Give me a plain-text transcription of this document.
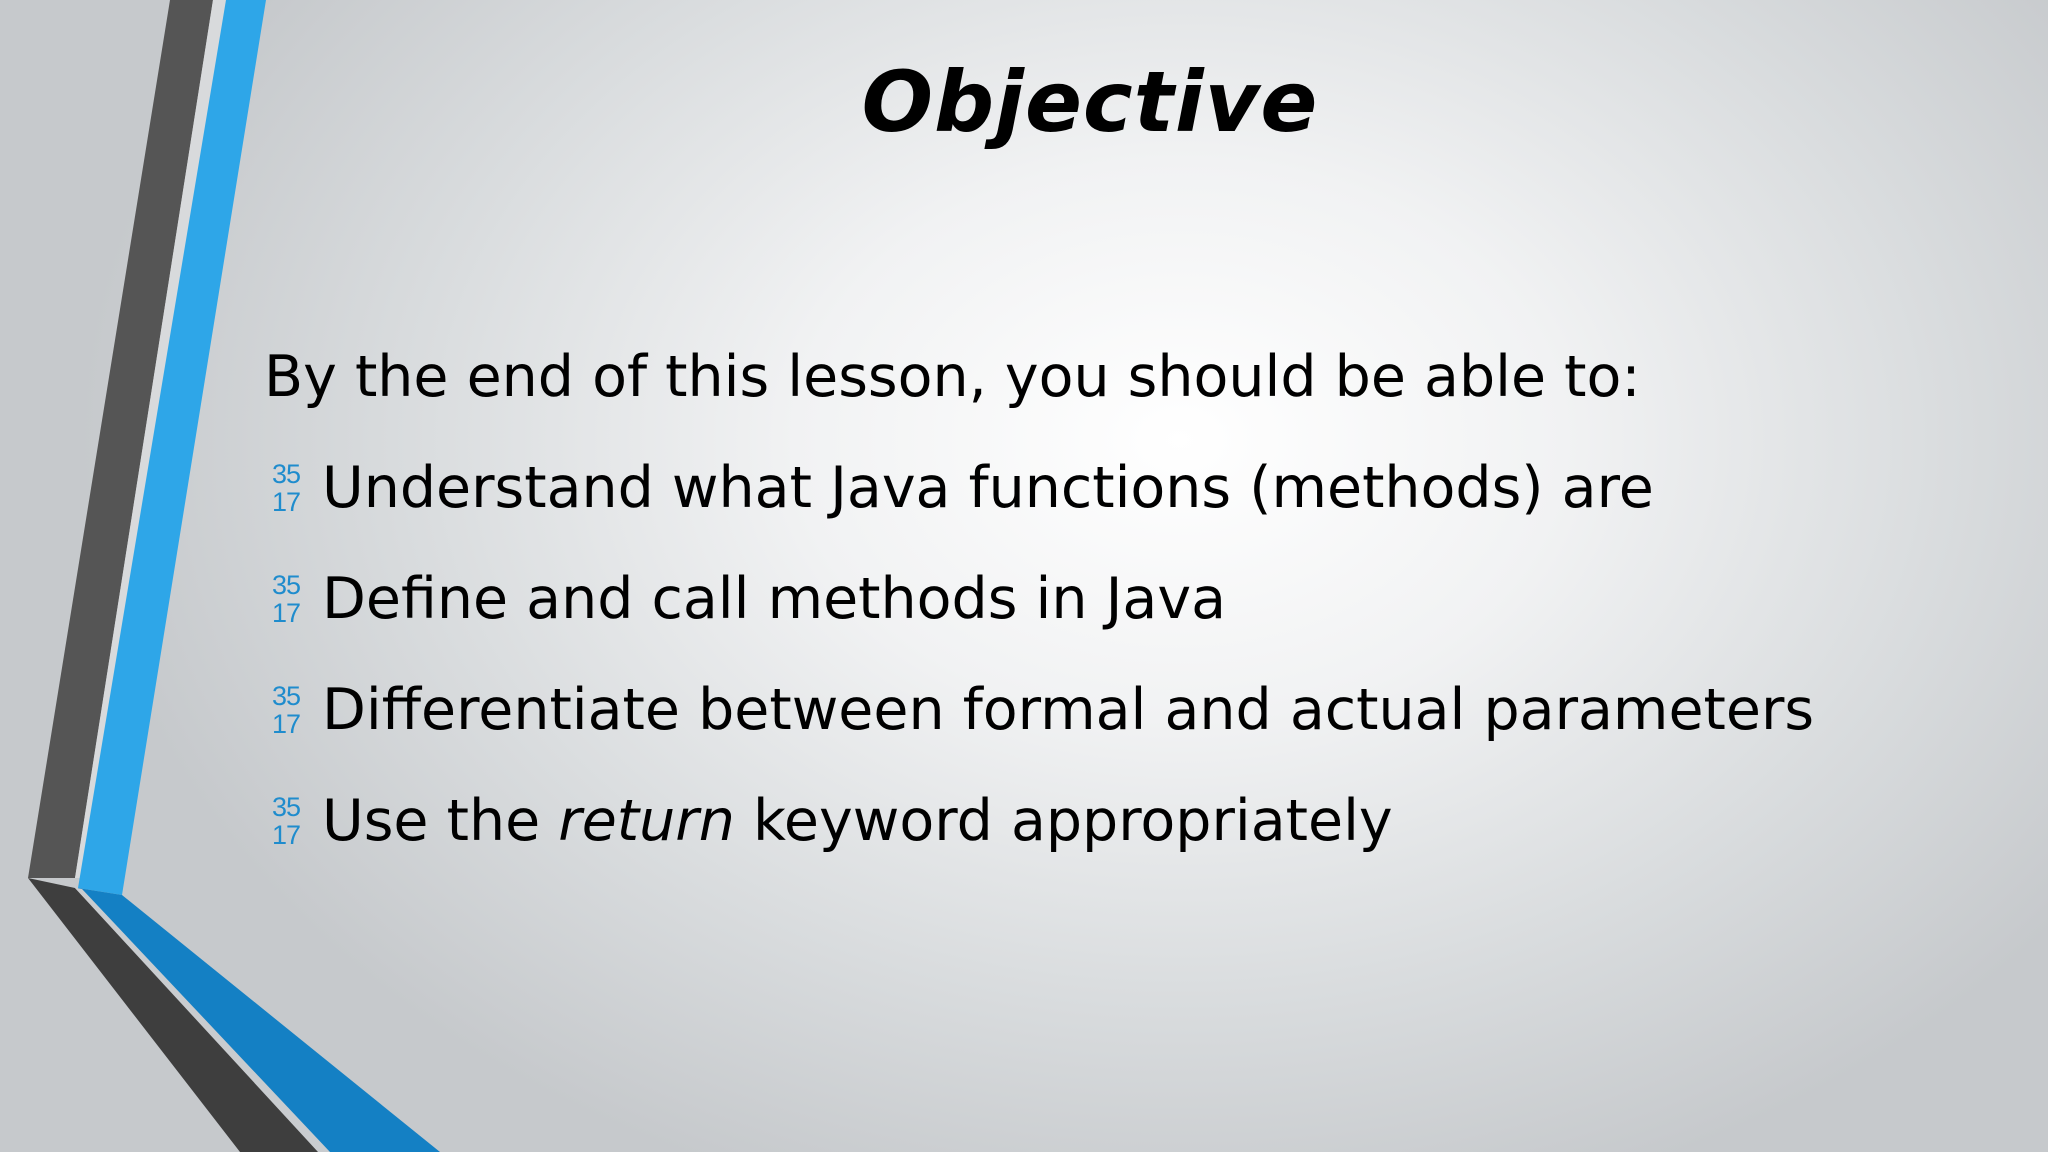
Objective
By the end of this lesson, you should be able to:
35
17 Understand what Java functions (methods) are
35
17 Define and call methods in Java
35
17 Differentiate between formal and actual parameters
35
17 Use the return keyword appropriately
